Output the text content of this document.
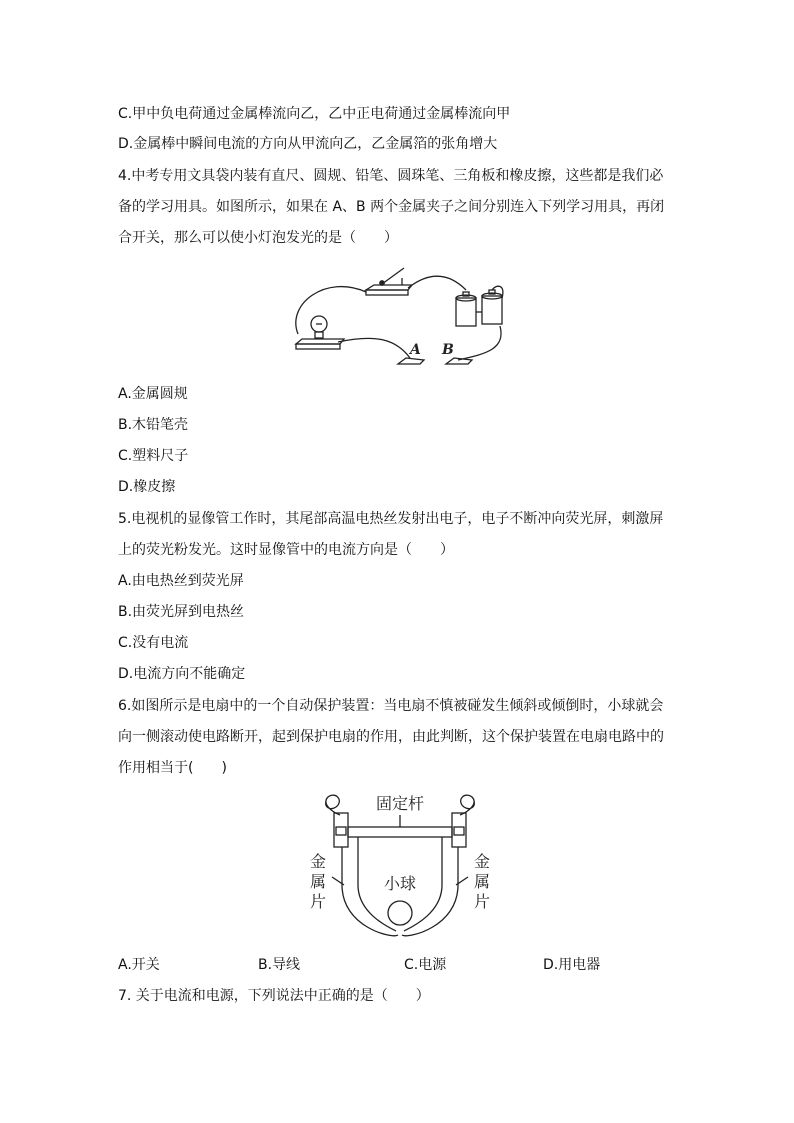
C.甲中负电荷通过金属棒流向乙，乙中正电荷通过金属棒流向甲

D.金属棒中瞬间电流的方向从甲流向乙，乙金属箔的张角增大

4.中考专用文具袋内装有直尺、圆规、铅笔、圆珠笔、三角板和橡皮擦，这些都是我们必

备的学习用具。如图所示，如果在 A、B 两个金属夹子之间分别连入下列学习用具，再闭

合开关，那么可以使小灯泡发光的是（　　）

A B

A.金属圆规

B.木铅笔壳

C.塑料尺子

D.橡皮擦

5.电视机的显像管工作时，其尾部高温电热丝发射出电子，电子不断冲向荧光屏，刺激屏

上的荧光粉发光。这时显像管中的电流方向是（　　）

A.由电热丝到荧光屏

B.由荧光屏到电热丝

C.没有电流

D.电流方向不能确定

6.如图所示是电扇中的一个自动保护装置：当电扇不慎被碰发生倾斜或倾倒时，小球就会

向一侧滚动使电路断开，起到保护电扇的作用，由此判断，这个保护装置在电扇电路中的

作用相当于(　　)

固定杆
小球
金
属
片
金
属
片
A.开关	B.导线	C.电源	D.用电器

7. 关于电流和电源，下列说法中正确的是（　　）
